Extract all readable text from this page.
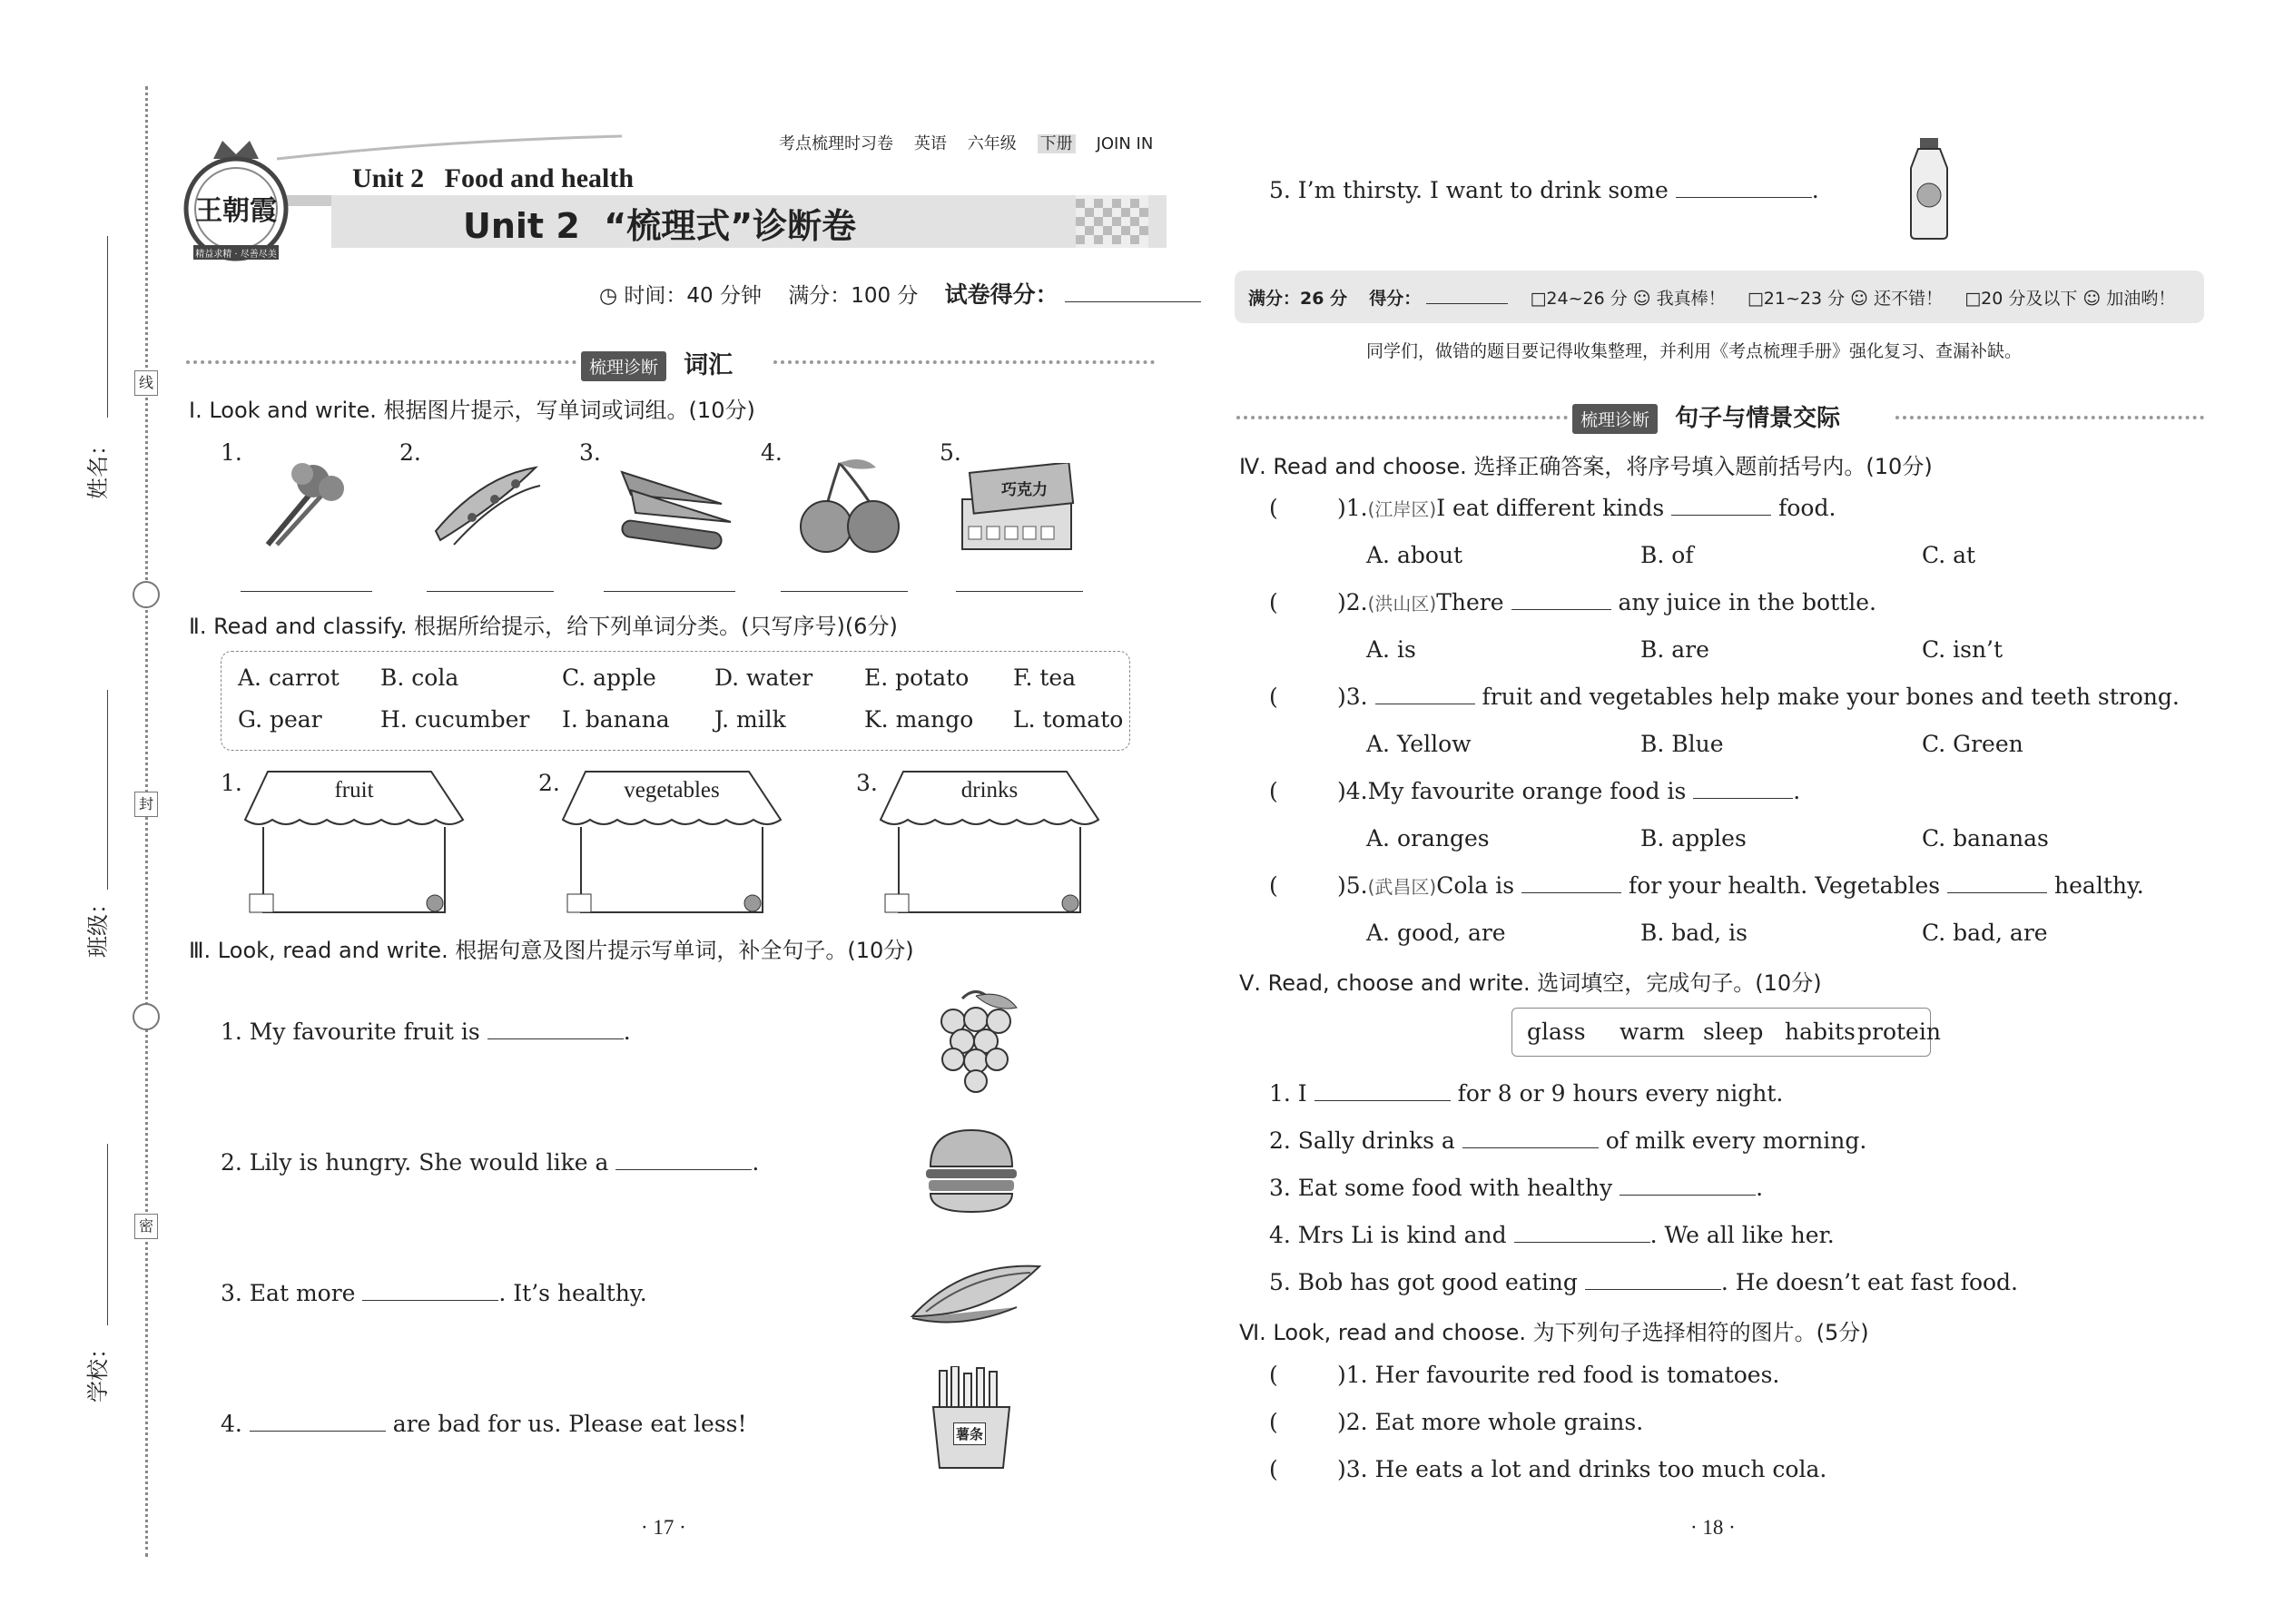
姓名：
班级：
学校：
线
封
密
考点梳理时习卷 英语 六年级 下册 JOIN IN
王朝霞
精益求精 · 尽善尽美
Unit 2   Food and health
Unit 2  “梳理式”诊断卷
◷ 时间：40 分钟    满分：100 分 试卷得分：
梳理诊断 词汇
Ⅰ. Look and write. 根据图片提示，写单词或词组。(10分)
1.	2.	3.	4.	5.
巧克力
Ⅱ. Read and classify. 根据所给提示，给下列单词分类。(只写序号)(6分)
A. carrot B. cola	C. apple	D. water E. potato F. tea
G. pear	H. cucumber I. banana J. milk	K. mango L. tomato
1.	fruit	2.	vegetables	3.	drinks
Ⅲ. Look, read and write. 根据句意及图片提示写单词，补全句子。(10分)
1. My favourite fruit is	.
2. Lily is hungry. She would like a	.
3. Eat more	. It’s healthy.
4.	are bad for us. Please eat less!	薯条
· 17 ·
5. I’m thirsty. I want to drink some	.
满分：26 分 得分：	□24~26 分 ☺ 我真棒！ □21~23 分 ☺ 还不错！ □20 分及以下 ☺ 加油哟！
同学们，做错的题目要记得收集整理，并利用《考点梳理手册》强化复习、查漏补缺。
梳理诊断 句子与情景交际
Ⅳ. Read and choose. 选择正确答案，将序号填入题前括号内。(10分)
(	)1.(江岸区)I eat different kinds	food.
A. about	B. of	C. at
(	)2.(洪山区)There	any juice in the bottle.
A. is	B. are	C. isn’t
(	)3.	fruit and vegetables help make your bones and teeth strong.
A. Yellow	B. Blue	C. Green
(	)4.My favourite orange food is	.
A. oranges	B. apples	C. bananas
(	)5.(武昌区)Cola is	for your health. Vegetables	healthy.
A. good, are	B. bad, is	C. bad, are
Ⅴ. Read, choose and write. 选词填空，完成句子。(10分)
glass warm sleep habits protein
1. I	for 8 or 9 hours every night.
2. Sally drinks a	of milk every morning.
3. Eat some food with healthy	.
4. Mrs Li is kind and	. We all like her.
5. Bob has got good eating	. He doesn’t eat fast food.
Ⅵ. Look, read and choose. 为下列句子选择相符的图片。(5分)
(	)1. Her favourite red food is tomatoes.
(	)2. Eat more whole grains.
(	)3. He eats a lot and drinks too much cola.
· 18 ·
